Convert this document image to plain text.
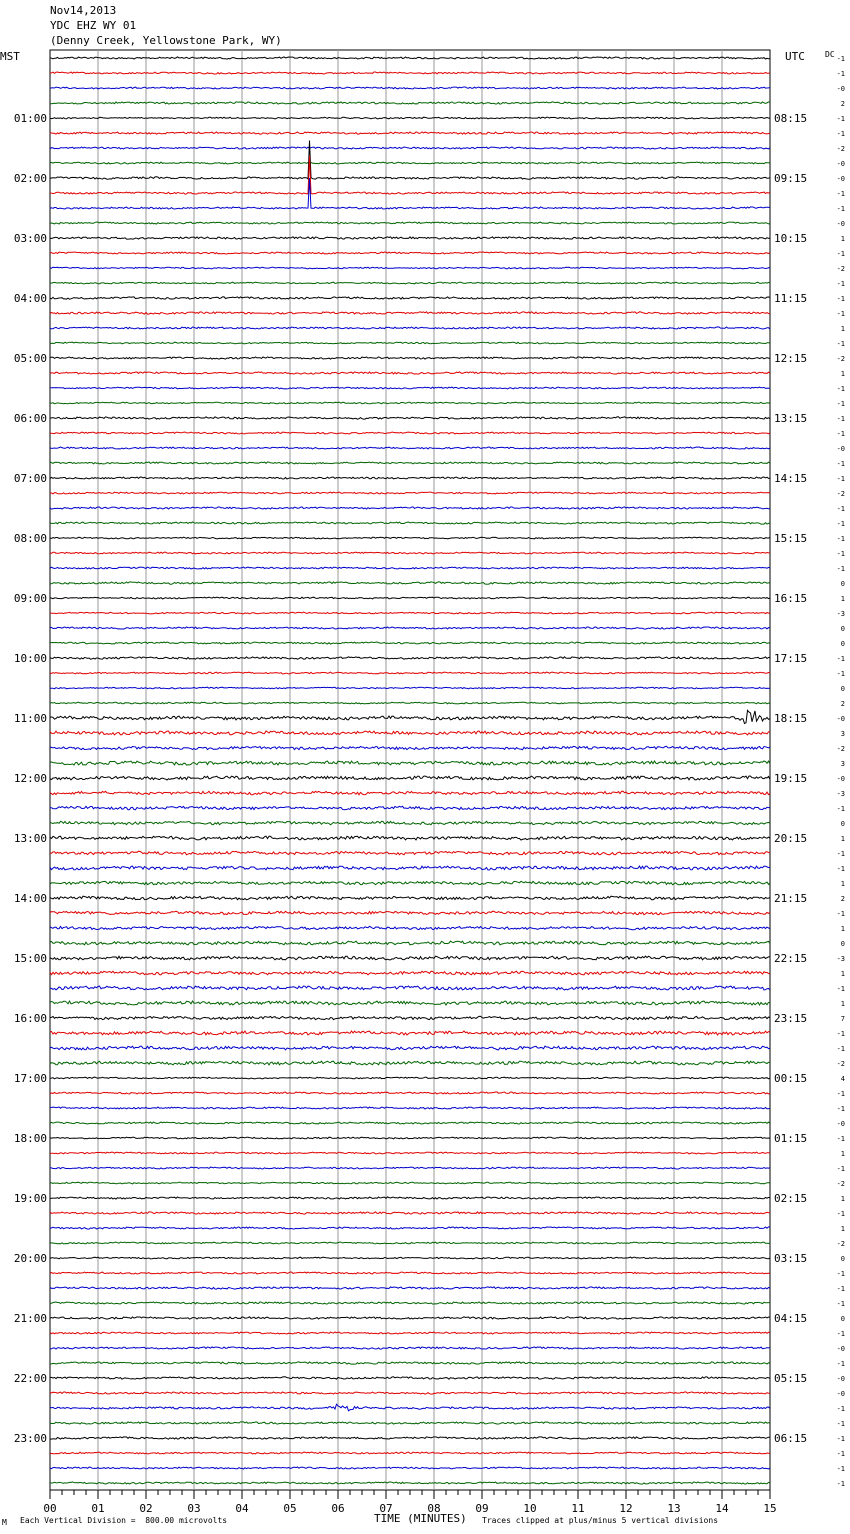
Nov14,2013
YDC EHZ WY 01
(Denny Creek, Yellowstone Park, WY)
MST	UTC	DC
00	01	02	03	04	05	06	07	08	09	10	11	12	13	14	15
-1
-1
-0
2
-1
-1
-2
-0
-0
-1
-1
-0
1
-1
-2
-1
-1
-1
1
-1
-2
1
-1
-1
-1
-1
-0
-1
-1
-2
-1
-1
-1
-1
-1
0
1
-3
0
0
-1
-1
0
2
-0
3
-2
3
-0
-3
-1
0
1
-1
-1
1
2
-1
1
0
-3
1
-1
1
7
-1
-1
-2
4
-1
-1
-0
-1
1
-1
-2
1
-1
1
-2
0
-1
-1
-1
0
-1
-0
-1
-0
-0
-1
-1
-1
-1
-1
-1
01:00
02:00
03:00
04:00
05:00
06:00
07:00
08:00
09:00
10:00
11:00
12:00
13:00
14:00
15:00
16:00
17:00
18:00
19:00
20:00
21:00
22:00
23:00
08:15
09:15
10:15
11:15
12:15
13:15
14:15
15:15
16:15
17:15
18:15
19:15
20:15
21:15
22:15
23:15
00:15
01:15
02:15
03:15
04:15
05:15
06:15
M Each Vertical Division =  800.00 microvolts	TIME (MINUTES) Traces clipped at plus/minus 5 vertical divisions
